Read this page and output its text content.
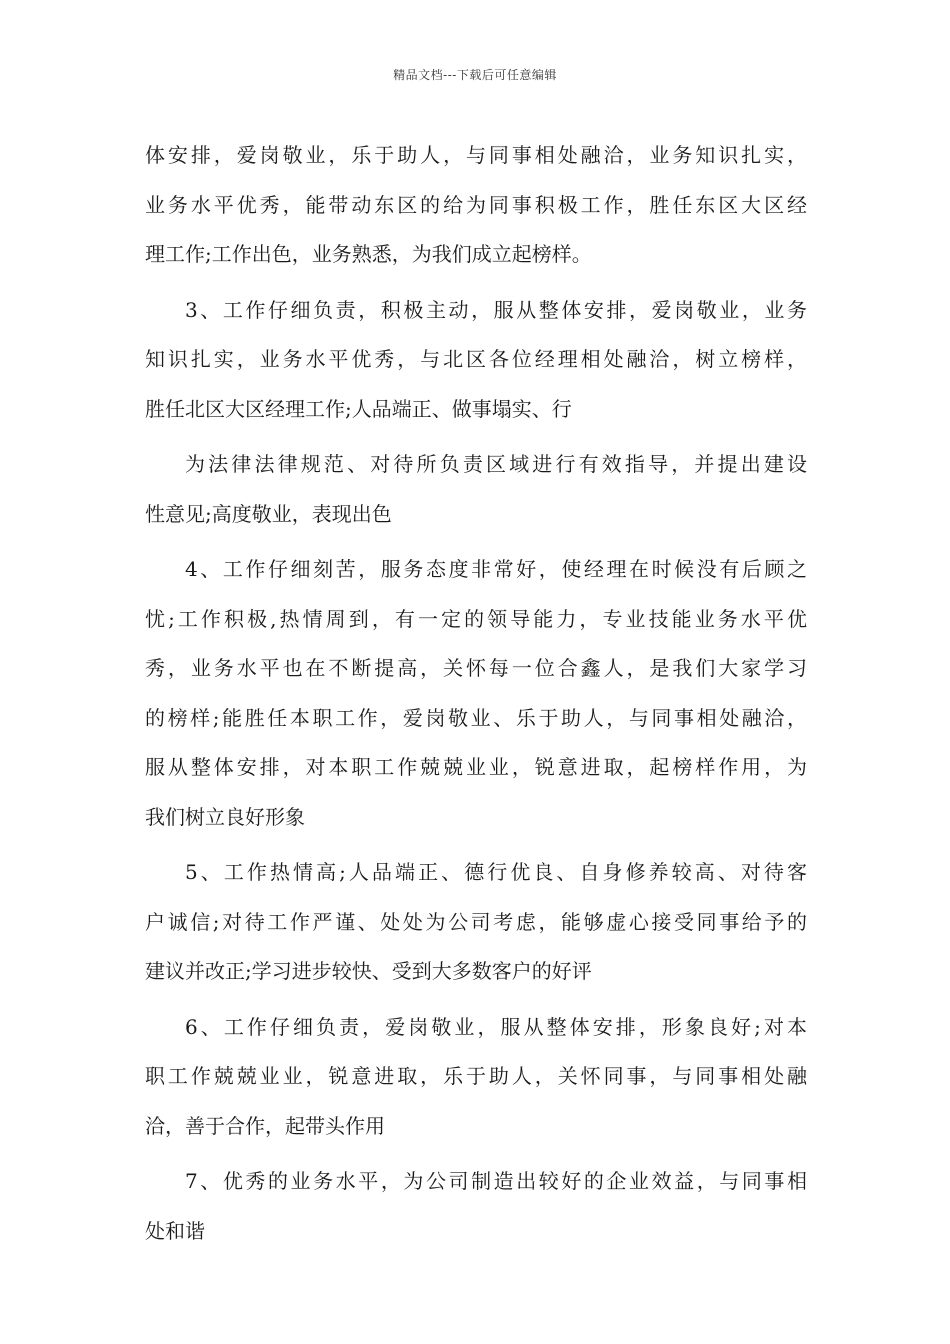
精品文档---下载后可任意编辑
体安排，爱岗敬业，乐于助人，与同事相处融洽，业务知识扎实，
业务水平优秀，能带动东区的给为同事积极工作，胜任东区大区经
理工作;工作出色，业务熟悉，为我们成立起榜样。
3、工作仔细负责，积极主动，服从整体安排，爱岗敬业，业务
知识扎实，业务水平优秀，与北区各位经理相处融洽，树立榜样，
胜任北区大区经理工作;人品端正、做事塌实、行
为法律法律规范、对待所负责区域进行有效指导，并提出建设
性意见;高度敬业，表现出色
4、工作仔细刻苦，服务态度非常好，使经理在时候没有后顾之
忧;工作积极,热情周到，有一定的领导能力，专业技能业务水平优
秀，业务水平也在不断提高，关怀每一位合鑫人，是我们大家学习
的榜样;能胜任本职工作，爱岗敬业、乐于助人，与同事相处融洽，
服从整体安排，对本职工作兢兢业业，锐意进取，起榜样作用，为
我们树立良好形象
5、工作热情高;人品端正、德行优良、自身修养较高、对待客
户诚信;对待工作严谨、处处为公司考虑，能够虚心接受同事给予的
建议并改正;学习进步较快、受到大多数客户的好评
6、工作仔细负责，爱岗敬业，服从整体安排，形象良好;对本
职工作兢兢业业，锐意进取，乐于助人，关怀同事，与同事相处融
洽，善于合作，起带头作用
7、优秀的业务水平，为公司制造出较好的企业效益，与同事相
处和谐
